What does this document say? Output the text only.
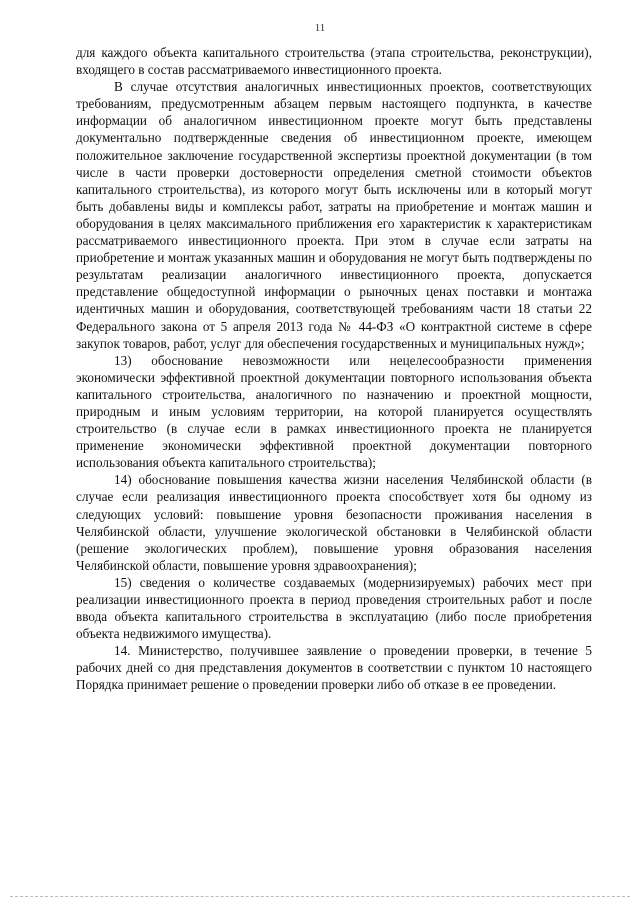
11

для каждого объекта капитального строительства (этапа строительства, реконструкции), входящего в состав рассматриваемого инвестиционного проекта.

В случае отсутствия аналогичных инвестиционных проектов, соответствующих требованиям, предусмотренным абзацем первым настоящего подпункта, в качестве информации об аналогичном инвестиционном проекте могут быть представлены документально подтвержденные сведения об инвестиционном проекте, имеющем положительное заключение государственной экспертизы проектной документации (в том числе в части проверки достоверности определения сметной стоимости объектов капитального строительства), из которого могут быть исключены или в который могут быть добавлены виды и комплексы работ, затраты на приобретение и монтаж машин и оборудования в целях максимального приближения его характеристик к характеристикам рассматриваемого инвестиционного проекта. При этом в случае если затраты на приобретение и монтаж указанных машин и оборудования не могут быть подтверждены по результатам реализации аналогичного инвестиционного проекта, допускается представление общедоступной информации о рыночных ценах поставки и монтажа идентичных машин и оборудования, соответствующей требованиям части 18 статьи 22 Федерального закона от 5 апреля 2013 года № 44-ФЗ «О контрактной системе в сфере закупок товаров, работ, услуг для обеспечения государственных и муниципальных нужд»;

13) обоснование невозможности или нецелесообразности применения экономически эффективной проектной документации повторного использования объекта капитального строительства, аналогичного по назначению и проектной мощности, природным и иным условиям территории, на которой планируется осуществлять строительство (в случае если в рамках инвестиционного проекта не планируется применение экономически эффективной проектной документации повторного использования объекта капитального строительства);

14) обоснование повышения качества жизни населения Челябинской области (в случае если реализация инвестиционного проекта способствует хотя бы одному из следующих условий: повышение уровня безопасности проживания населения в Челябинской области, улучшение экологической обстановки в Челябинской области (решение экологических проблем), повышение уровня образования населения Челябинской области, повышение уровня здравоохранения);

15) сведения о количестве создаваемых (модернизируемых) рабочих мест при реализации инвестиционного проекта в период проведения строительных работ и после ввода объекта капитального строительства в эксплуатацию (либо после приобретения объекта недвижимого имущества).

14. Министерство, получившее заявление о проведении проверки, в течение 5 рабочих дней со дня представления документов в соответствии с пунктом 10 настоящего Порядка принимает решение о проведении проверки либо об отказе в ее проведении.
